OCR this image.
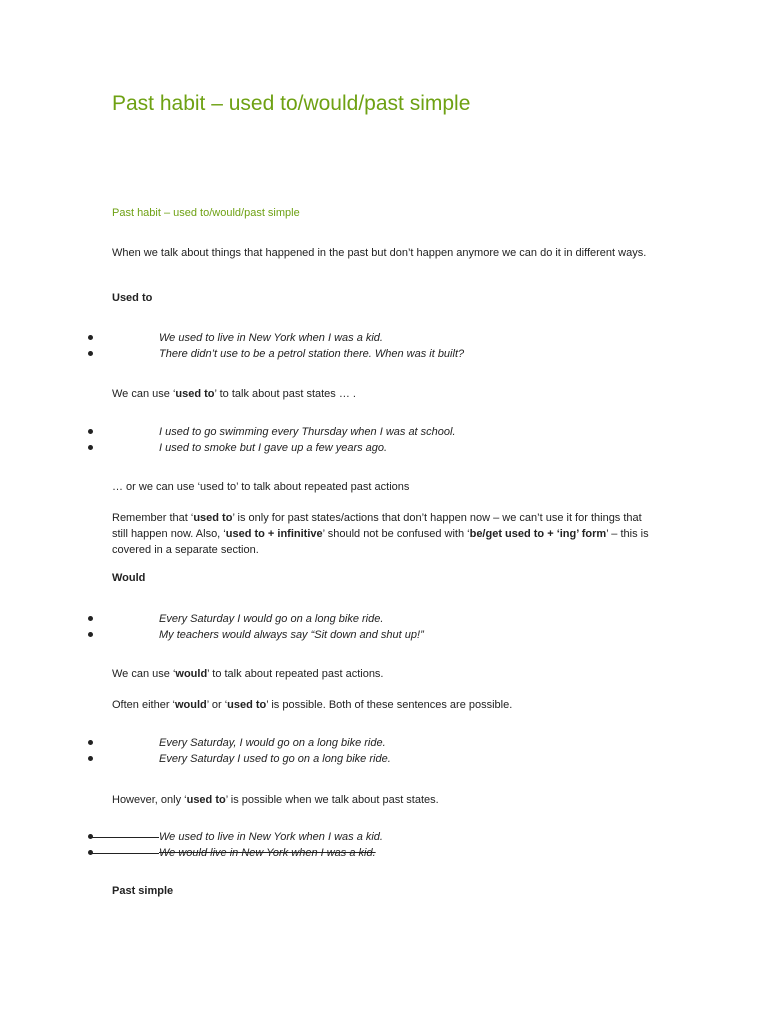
Past habit – used to/would/past simple
Past habit – used to/would/past simple

When we talk about things that happened in the past but don’t happen anymore we can do it in different ways.

Used to
We used to live in New York when I was a kid.
There didn’t use to be a petrol station there. When was it built?

We can use ‘used to’ to talk about past states … .

I used to go swimming every Thursday when I was at school.
I used to smoke but I gave up a few years ago.

… or we can use ‘used to’ to talk about repeated past actions

Remember that ‘used to’ is only for past states/actions that don’t happen now – we can’t use it for things that still happen now. Also, ‘used to + infinitive’ should not be confused with ‘be/get used to + ‘ing’ form’ – this is covered in a separate section.

Would
Every Saturday I would go on a long bike ride.
My teachers would always say “Sit down and shut up!”

We can use ‘would’ to talk about repeated past actions.

Often either ‘would’ or ‘used to’ is possible. Both of these sentences are possible.

Every Saturday, I would go on a long bike ride.
Every Saturday I used to go on a long bike ride.

However, only ‘used to’ is possible when we talk about past states.

We used to live in New York when I was a kid.
We would live in New York when I was a kid.
Past simple
